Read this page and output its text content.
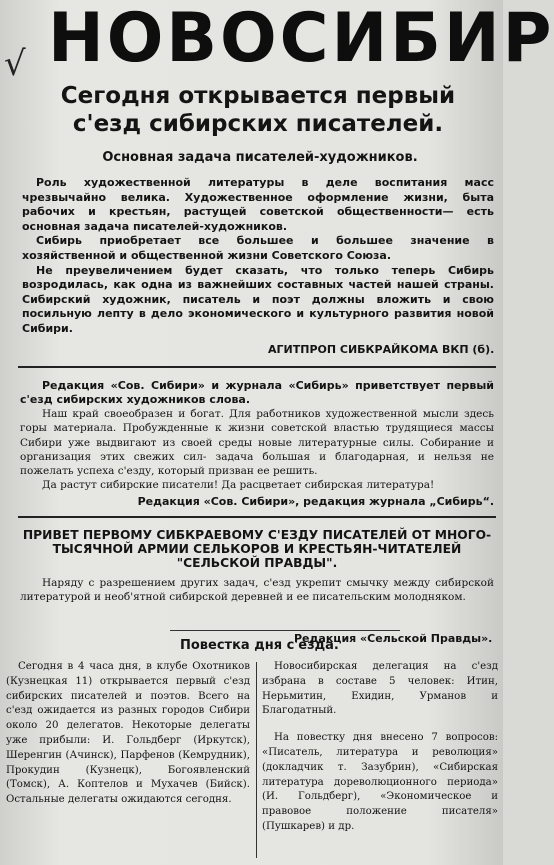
НОВОСИБИР
√
Сегодня открывается первый
с'езд сибирских писателей.
Основная задача писателей-художников.

Роль художественной литературы в деле воспитания масс чрезвычайно велика. Художественное оформление жизни, быта рабочих и крестьян, растущей советской общественности— есть основная задача писателей-художников.

Сибирь приобретает все большее и большее значение в хозяйственной и общественной жизни Советского Союза.

Не преувеличением будет сказать, что только теперь Сибирь возродилась, как одна из важнейших составных частей нашей страны. Сибирский художник, писатель и поэт должны вложить и свою посильную лепту в дело экономического и культурного развития новой Сибири.

АГИТПРОП СИБКРАЙКОМА ВКП (б).

Редакция «Сов. Сибири» и журнала «Сибирь» приветствует первый с'езд сибирских художников слова.

Наш край своеобразен и богат. Для работников художественной мысли здесь горы материала. Пробужденные к жизни советской властью трудящиеся массы Сибири уже выдвигают из своей среды новые литературные силы. Собирание и организация этих свежих сил- задача большая и благодарная, и нельзя не пожелать успеха с'езду, который призван ее решить.

Да растут сибирские писатели! Да расцветает сибирская литература!

Редакция «Сов. Сибири», редакция журнала „Сибирь“.

ПРИВЕТ ПЕРВОМУ СИБКРАЕВОМУ С'ЕЗДУ ПИСАТЕЛЕЙ ОТ МНОГО-ТЫСЯЧНОЙ АРМИИ СЕЛЬКОРОВ И КРЕСТЬЯН-ЧИТАТЕЛЕЙ "СЕЛЬСКОЙ ПРАВДЫ".

Наряду с разрешением других задач, с'езд укрепит смычку между сибирской литературой и необ'ятной сибирской деревней и ее писательским молодняком.

Редакция «Сельской Правды».
Повестка дня с'езда.

Сегодня в 4 часа дня, в клубе Охотников (Кузнецкая 11) открывается первый с'езд сибирских писателей и поэтов. Всего на с'езд ожидается из разных городов Сибири около 20 делегатов. Некоторые делегаты уже прибыли: И. Гольдберг (Иркутск), Шеренгин (Ачинск), Парфенов (Кемрудник), Прокудин (Кузнецк), Богоявленский (Томск), А. Коптелов и Мухачев (Бийск). Остальные делегаты ожидаются сегодня.

Новосибирская делегация на с'езд избрана в составе 5 человек: Итин, Нерьмитин, Ехидин, Урманов и Благодатный.

На повестку дня внесено 7 вопросов: «Писатель, литература и революция» (докладчик т. Зазубрин), «Сибирская литература дореволюционного периода» (И. Гольдберг), «Экономическое и правовое положение писателя» (Пушкарев) и др.
